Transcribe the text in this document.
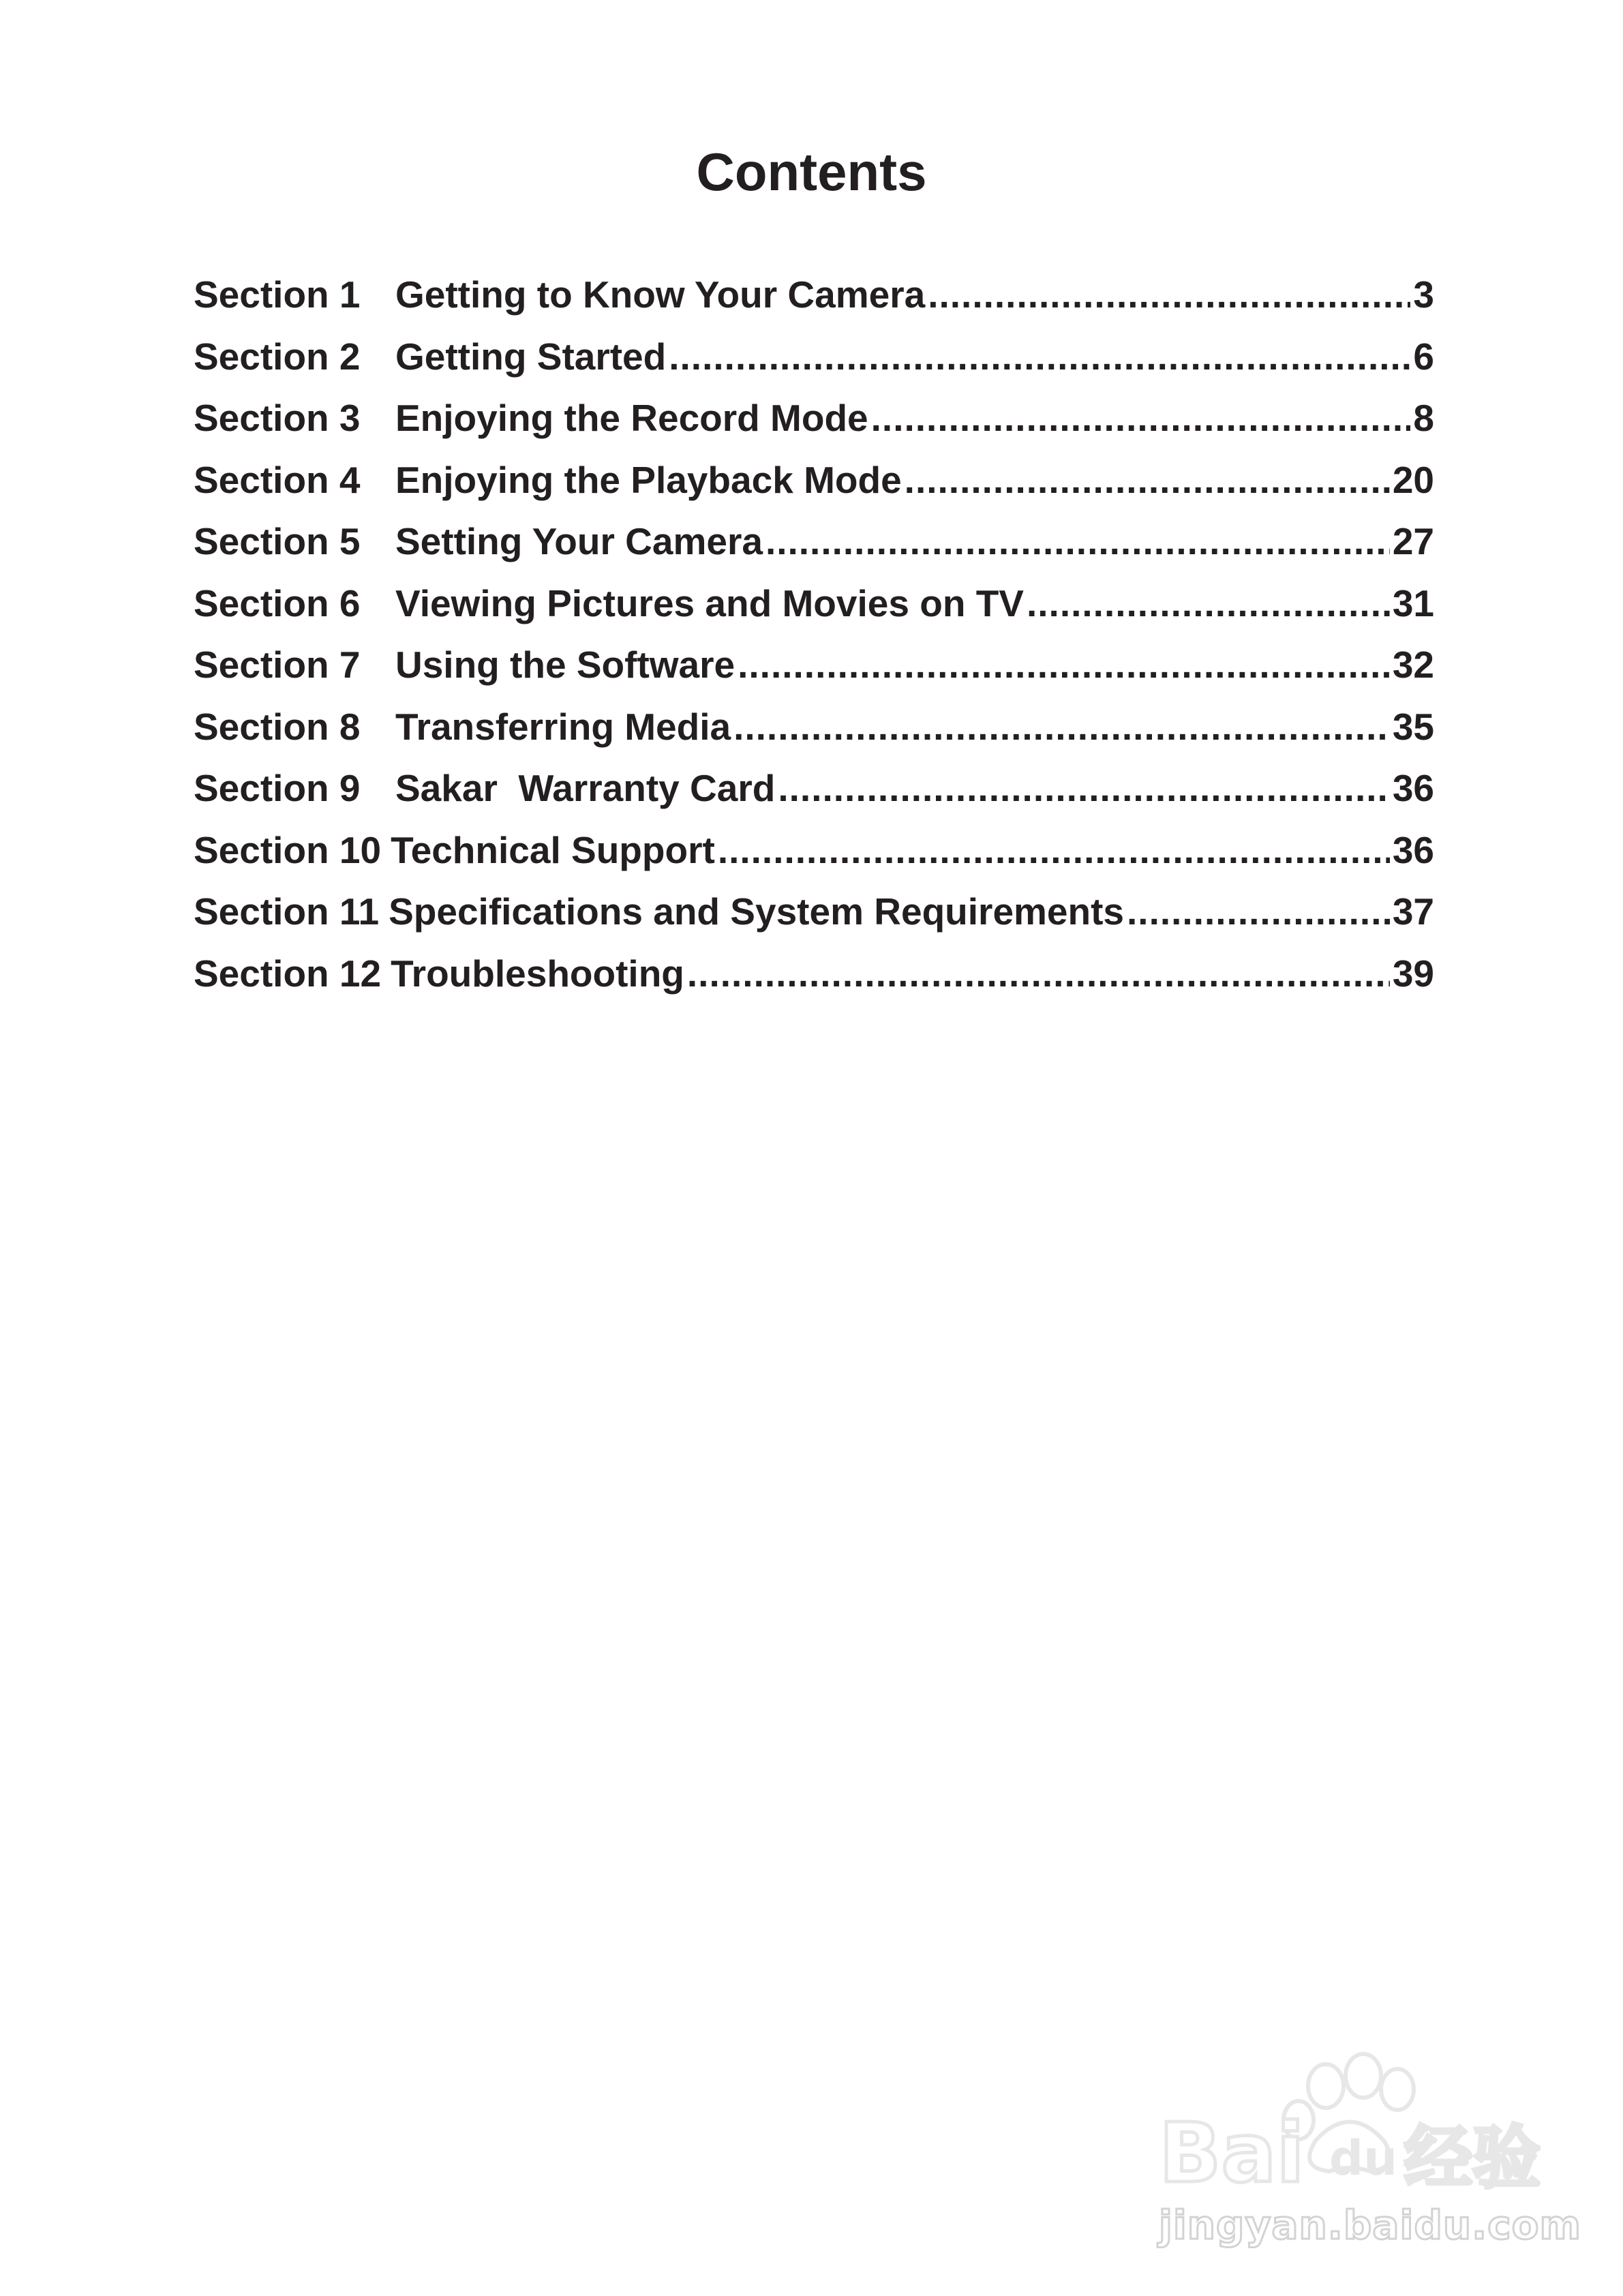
Contents
Section 1 Getting to Know Your Camera .....	3
Section 2 Getting Started .....	6
Section 3 Enjoying the Record Mode .....	8
Section 4 Enjoying the Playback Mode .....	20
Section 5 Setting Your Camera .....	27
Section 6 Viewing Pictures and Movies on TV .....	31
Section 7 Using the Software .....	32
Section 8 Transferring Media .....	35
Section 9 Sakar  Warranty Card .....	36
Section 10 Technical Support .....	36
Section 11 Specifications and System Requirements .....	37
Section 12 Troubleshooting .....	39
Bai du 经验
jingyan.baidu.com
